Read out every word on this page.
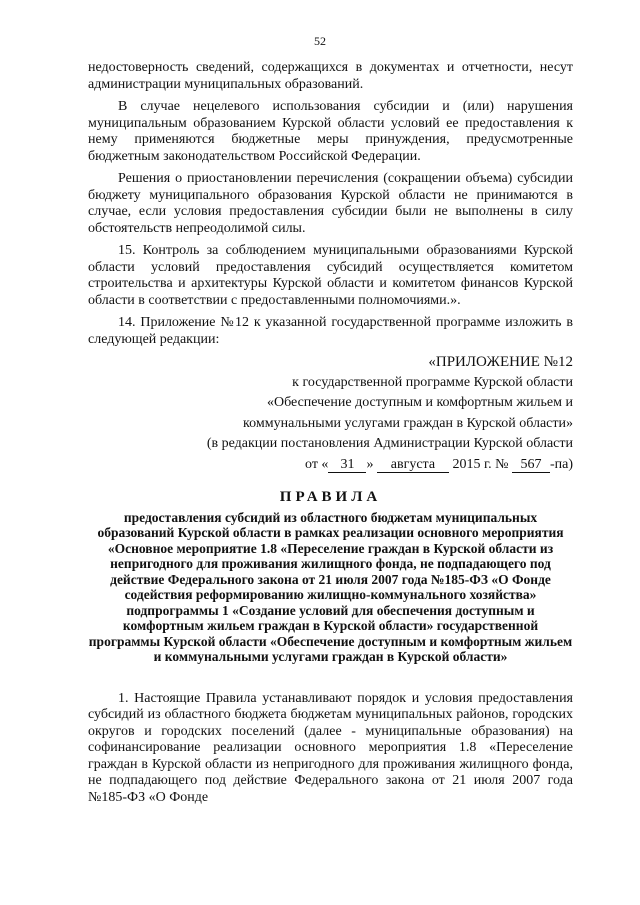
52

недостоверность сведений, содержащихся в документах и отчетности, несут администрации муниципальных образований.

В случае нецелевого использования субсидии и (или) нарушения муниципальным образованием Курской области условий ее предоставления к нему применяются бюджетные меры принуждения, предусмотренные бюджетным законодательством Российской Федерации.

Решения о приостановлении перечисления (сокращении объема) субсидии бюджету муниципального образования Курской области не принимаются в случае, если условия предоставления субсидии были не выполнены в силу обстоятельств непреодолимой силы.

15. Контроль за соблюдением муниципальными образованиями Курской области условий предоставления субсидий осуществляется комитетом строительства и архитектуры Курской области и комитетом финансов Курской области в соответствии с предоставленными полномочиями.».

14. Приложение №12 к указанной государственной программе изложить в следующей редакции:

«ПРИЛОЖЕНИЕ №12
к государственной программе Курской области
«Обеспечение доступным и комфортным жильем и
коммунальными услугами граждан в Курской области»
(в редакции постановления Администрации Курской области
от « 31 » августа 2015 г. № 567 -па)
ПРАВИЛА
предоставления субсидий из областного бюджетам муниципальных образований Курской области в рамках реализации основного мероприятия «Основное мероприятие 1.8 «Переселение граждан в Курской области из непригодного для проживания жилищного фонда, не подпадающего под действие Федерального закона от 21 июля 2007 года №185-ФЗ «О Фонде содействия реформированию жилищно-коммунального хозяйства» подпрограммы 1 «Создание условий для обеспечения доступным и комфортным жильем граждан в Курской области» государственной программы Курской области «Обеспечение доступным и комфортным жильем и коммунальными услугами граждан в Курской области»

1. Настоящие Правила устанавливают порядок и условия предоставления субсидий из областного бюджета бюджетам муниципальных районов, городских округов и городских поселений (далее - муниципальные образования) на софинансирование реализации основного мероприятия 1.8 «Переселение граждан в Курской области из непригодного для проживания жилищного фонда, не подпадающего под действие Федерального закона от 21 июля 2007 года №185-ФЗ «О Фонде
